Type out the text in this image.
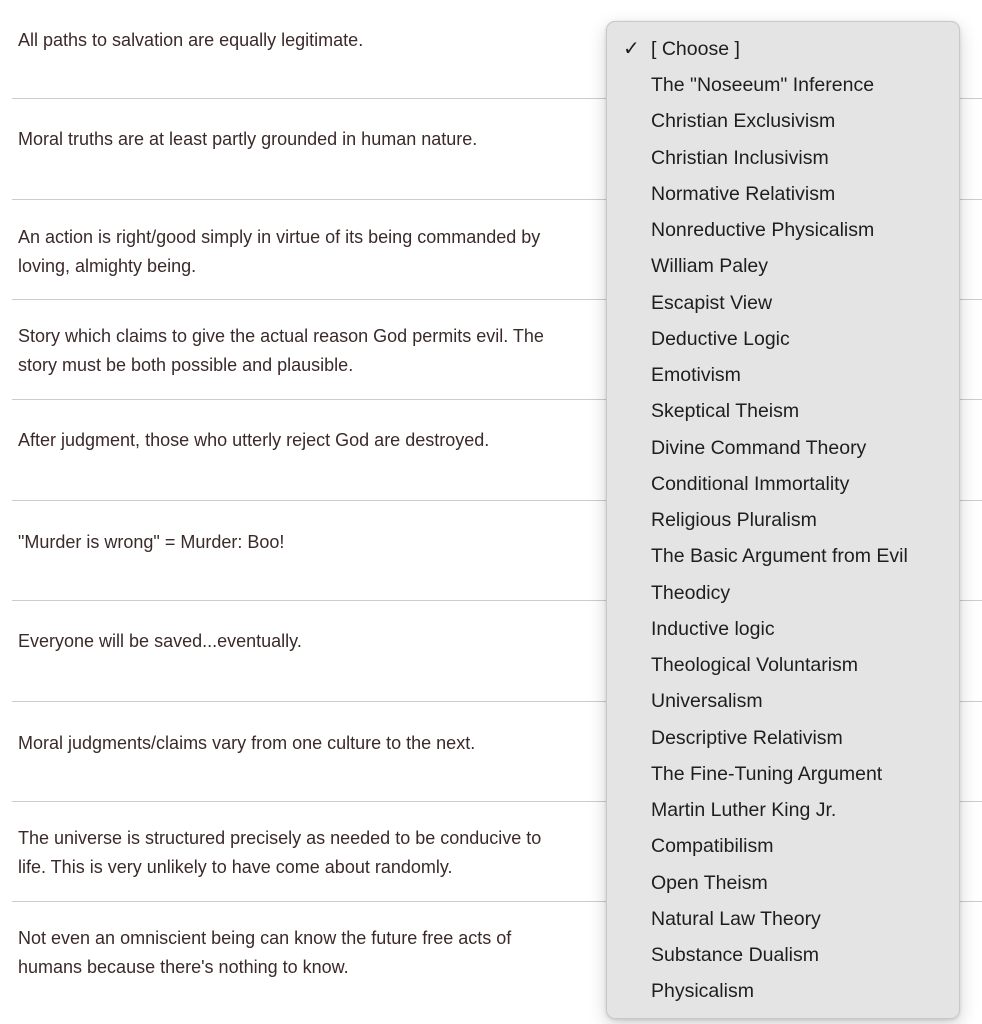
All paths to salvation are equally legitimate.
Moral truths are at least partly grounded in human nature.
An action is right/good simply in virtue of its being commanded by
loving, almighty being.
Story which claims to give the actual reason God permits evil. The
story must be both possible and plausible.
After judgment, those who utterly reject God are destroyed.
"Murder is wrong" = Murder: Boo!
Everyone will be saved...eventually.
Moral judgments/claims vary from one culture to the next.
The universe is structured precisely as needed to be conducive to
life. This is very unlikely to have come about randomly.
Not even an omniscient being can know the future free acts of
humans because there's nothing to know.
✓ [ Choose ]
The "Noseeum" Inference
Christian Exclusivism
Christian Inclusivism
Normative Relativism
Nonreductive Physicalism
William Paley
Escapist View
Deductive Logic
Emotivism
Skeptical Theism
Divine Command Theory
Conditional Immortality
Religious Pluralism
The Basic Argument from Evil
Theodicy
Inductive logic
Theological Voluntarism
Universalism
Descriptive Relativism
The Fine-Tuning Argument
Martin Luther King Jr.
Compatibilism
Open Theism
Natural Law Theory
Substance Dualism
Physicalism
